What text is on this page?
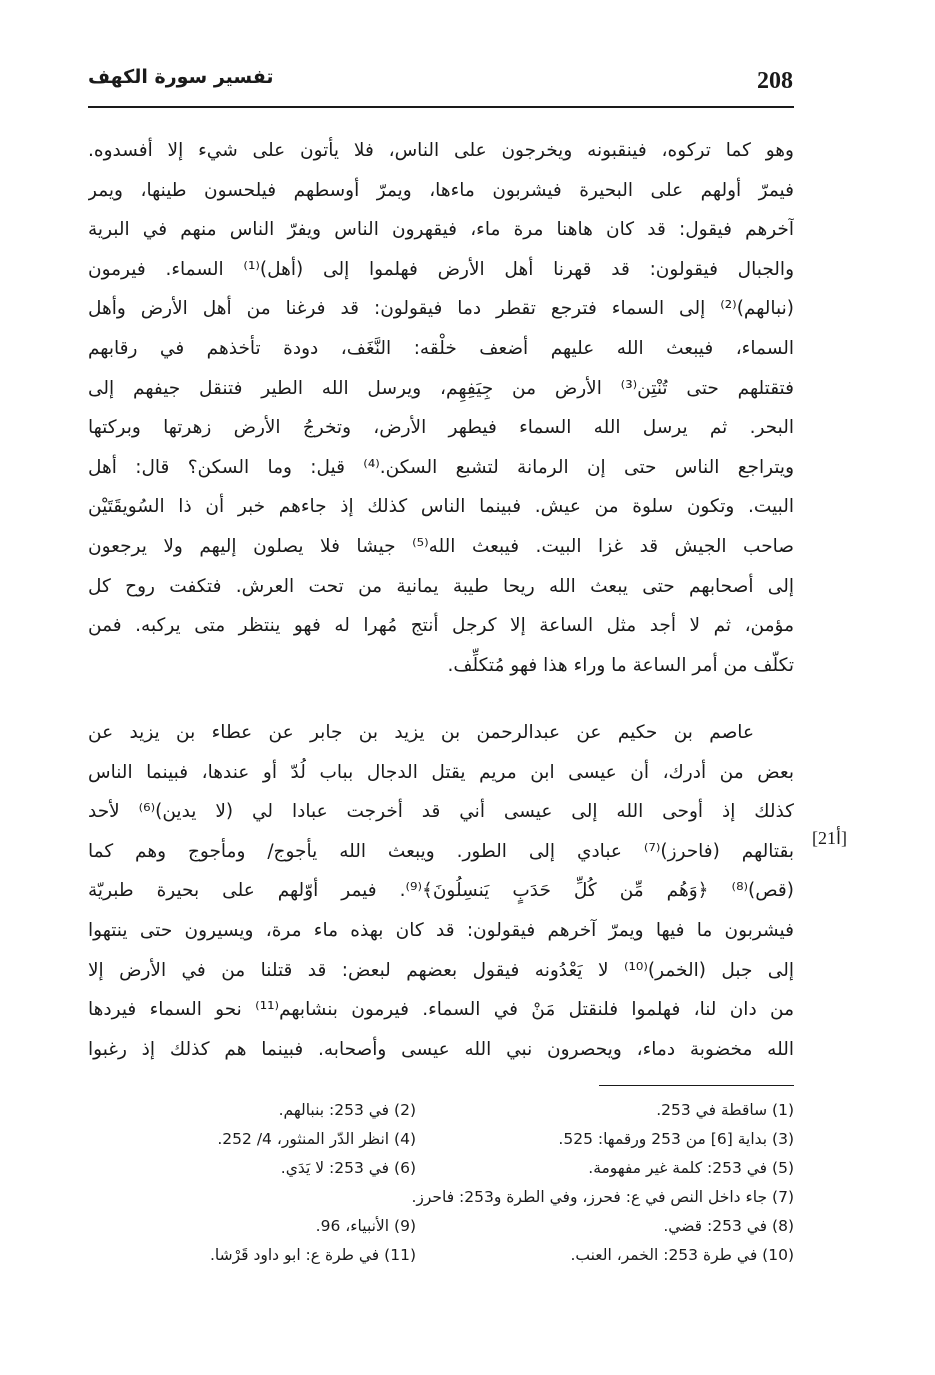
208
تفسير سورة الكهف
وهو كما تركوه، فينقبونه ويخرجون على الناس، فلا يأتون على شيء إلا أفسدوه.
فيمرّ أولهم على البحيرة فيشربون ماءها، ويمرّ أوسطهم فيلحسون طينها، ويمر
آخرهم فيقول: قد كان هاهنا مرة ماء، فيقهرون الناس ويفرّ الناس منهم في البرية
والجبال فيقولون: قد قهرنا أهل الأرض فهلموا إلى (أهل)⁽¹⁾ السماء. فيرمون
(نبالهم)⁽²⁾ إلى السماء فترجع تقطر دما فيقولون: قد فرغنا من أهل الأرض وأهل
السماء، فيبعث الله عليهم أضعف خلْقه: النَّغَف، دودة تأخذهم في رقابهم
فتقتلهم حتى تُنْتِن⁽³⁾ الأرض من جِيَفِهِم، ويرسل الله الطير فتنقل جيفهم إلى
البحر. ثم يرسل الله السماء فيطهر الأرض، وتخرجُ الأرض زهرتها وبركتها
ويتراجع الناس حتى إن الرمانة لتشبع السكن.⁽⁴⁾ قيل: وما السكن؟ قال: أهل
البيت. وتكون سلوة من عيش. فبينما الناس كذلك إذ جاءهم خبر أن ذا السُويقَتَيْن
صاحب الجيش قد غزا البيت. فيبعث الله⁽⁵⁾ جيشا فلا يصلون إليهم ولا يرجعون
إلى أصحابهم حتى يبعث الله ريحا طيبة يمانية من تحت العرش. فتكفت روح كل
مؤمن، ثم لا أجد مثل الساعة إلا كرجل أنتج مُهرا له فهو ينتظر متى يركبه. فمن
تكلّف من أمر الساعة ما وراء هذا فهو مُتكلِّف.
عاصم بن حكيم عن عبدالرحمن بن يزيد بن جابر عن عطاء بن يزيد عن
بعض من أدرك، أن عيسى ابن مريم يقتل الدجال بباب لُدّ أو عندها، فبينما الناس
كذلك إذ أوحى الله إلى عيسى أني قد أخرجت عبادا لي (لا يدين)⁽⁶⁾ لأحد
بقتالهم (فاحرز)⁽⁷⁾ عبادي إلى الطور. ويبعث الله يأجوج/ ومأجوج وهم كما
(قص)⁽⁸⁾ ﴿وَهُم مِّن كُلِّ حَدَبٍ يَنسِلُونَ﴾⁽⁹⁾. فيمر أوّلهم على بحيرة طبريّة
فيشربون ما فيها ويمرّ آخرهم فيقولون: قد كان بهذه ماء مرة، ويسيرون حتى ينتهوا
إلى جبل (الخمر)⁽¹⁰⁾ لا يَعْدُونه فيقول بعضهم لبعض: قد قتلنا من في الأرض إلا
من دان لنا، فهلموا فلنقتل مَنْ في السماء. فيرمون بنشابهم⁽¹¹⁾ نحو السماء فيردها
الله مخضوبة دماء، ويحصرون نبي الله عيسى وأصحابه. فبينما هم كذلك إذ رغبوا
[21أ]
(1) ساقطة في 253.
(2) في 253: بنبالهم.
(3) بداية [6] من 253 ورقمها: 525.
(4) انظر الدّر المنثور، 4/ 252.
(5) في 253: كلمة غير مفهومة.
(6) في 253: لا يَدَي.
(7) جاء داخل النص في ع: فحرز، وفي الطرة و253: فاحرز.
(8) في 253: قضي.
(9) الأنبياء، 96.
(10) في طرة 253: الخمر، العنب.
(11) في طرة ع: ابو داود قَرْشا.
